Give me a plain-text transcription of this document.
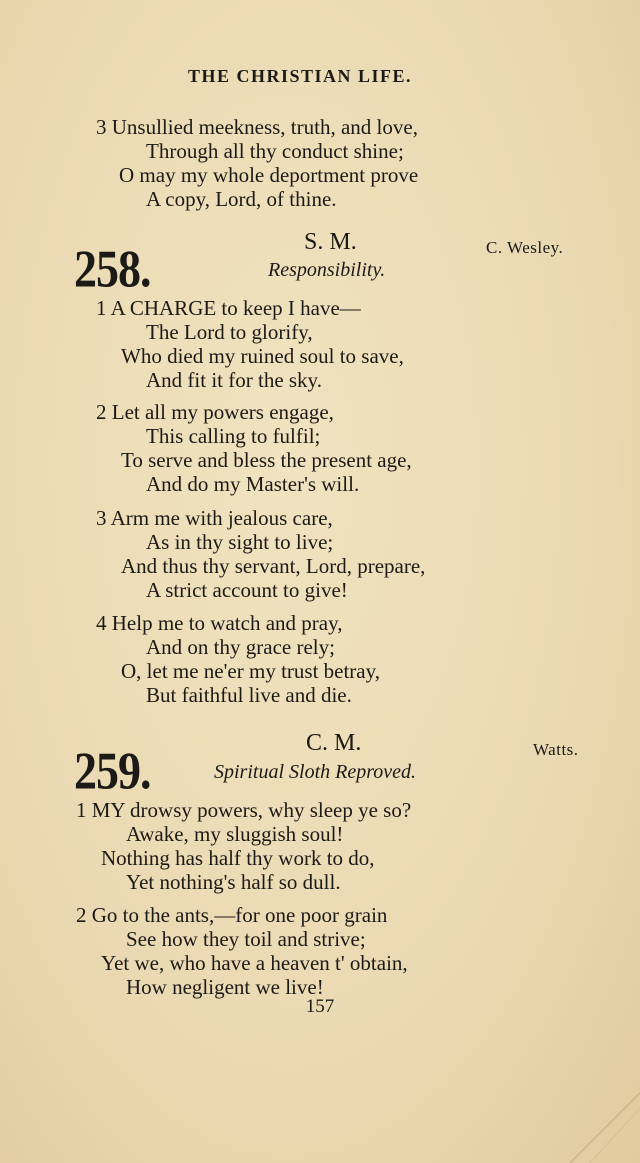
THE CHRISTIAN LIFE.
3 Unsullied meekness, truth, and love,
Through all thy conduct shine;
O may my whole deportment prove
A copy, Lord, of thine.
258.	S. M.	C. Wesley.
Responsibility.
1 A CHARGE to keep I have—
The Lord to glorify,
Who died my ruined soul to save,
And fit it for the sky.
2 Let all my powers engage,
This calling to fulfil;
To serve and bless the present age,
And do my Master's will.
3 Arm me with jealous care,
As in thy sight to live;
And thus thy servant, Lord, prepare,
A strict account to give!
4 Help me to watch and pray,
And on thy grace rely;
O, let me ne'er my trust betray,
But faithful live and die.
259.	C. M.	Watts.
Spiritual Sloth Reproved.
1 MY drowsy powers, why sleep ye so?
Awake, my sluggish soul!
Nothing has half thy work to do,
Yet nothing's half so dull.
2 Go to the ants,—for one poor grain
See how they toil and strive;
Yet we, who have a heaven t' obtain,
How negligent we live!
157
